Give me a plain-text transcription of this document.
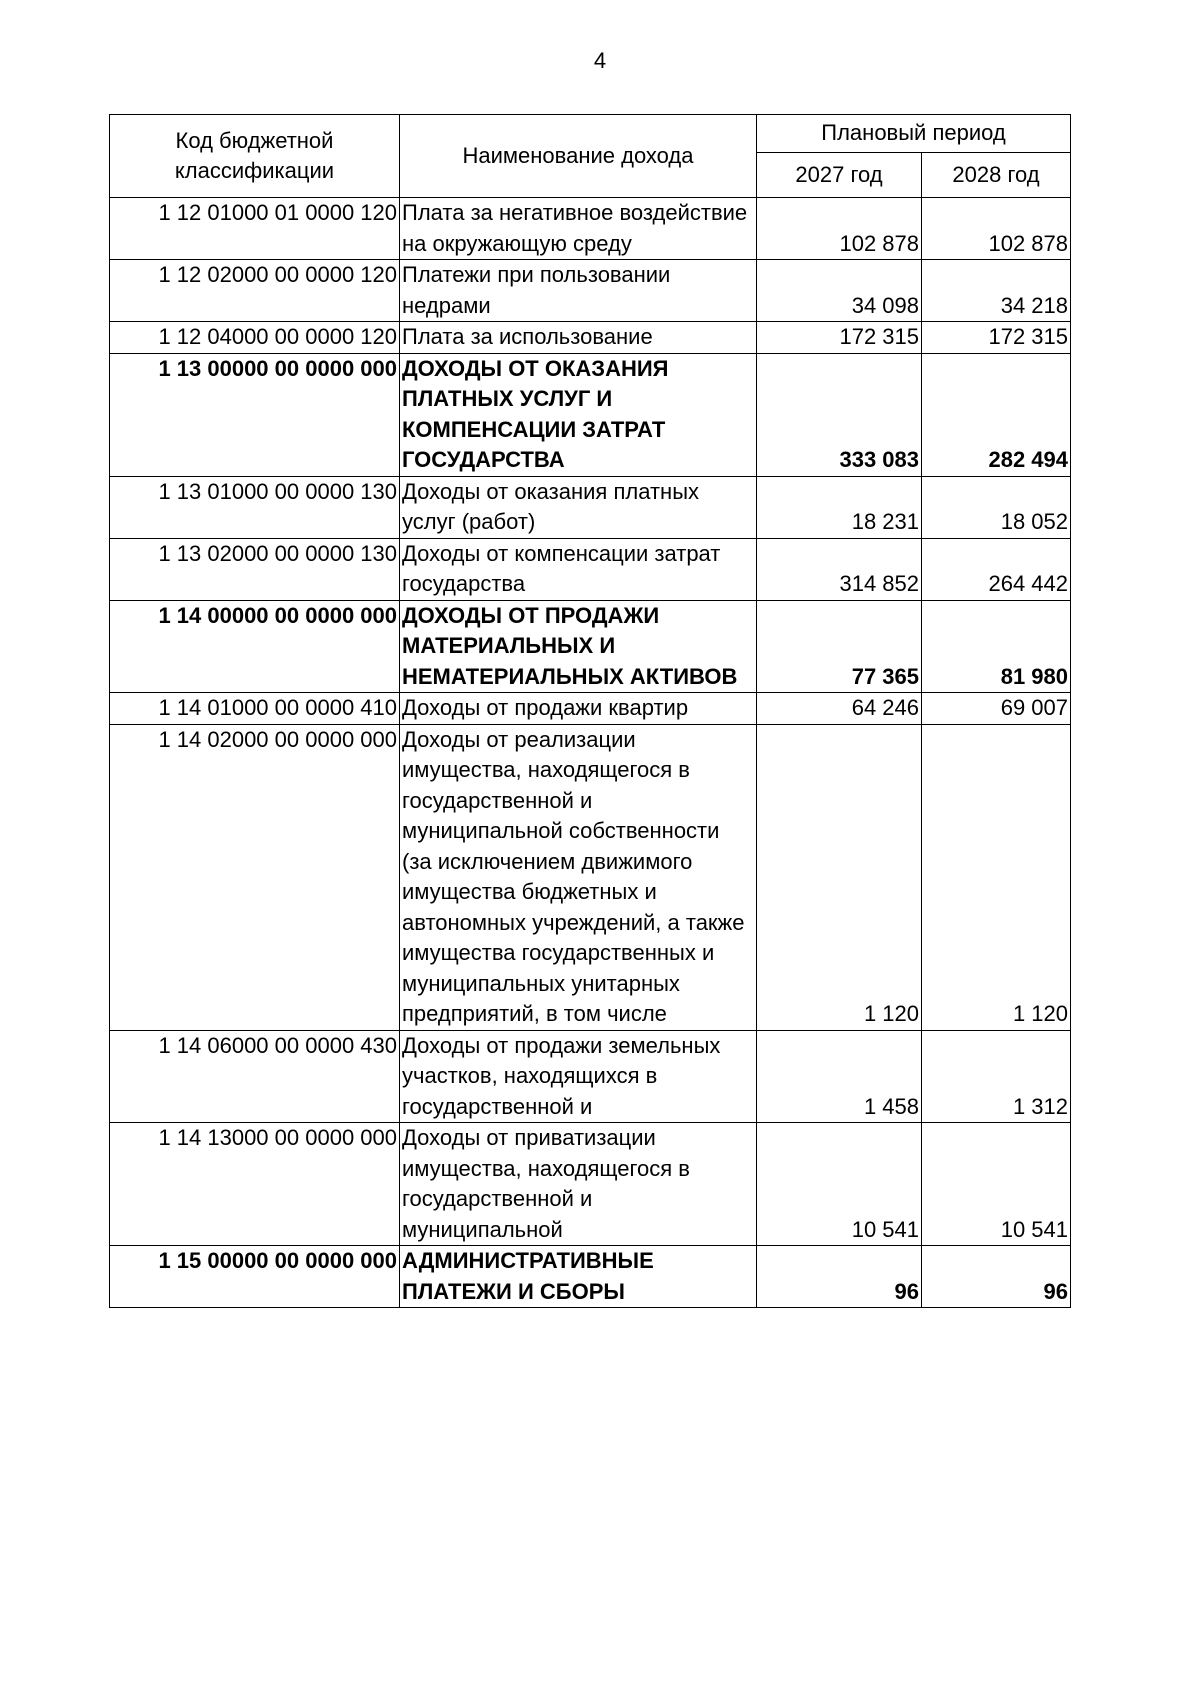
4
Код бюджетной классификации	Наименование дохода	Плановый период	
		2027 год	2028 год
1 12 01000 01 0000 120	Плата за негативное воздействие на окружающую среду	102 878	102 878
1 12 02000 00 0000 120	Платежи при пользовании недрами	34 098	34 218
1 12 04000 00 0000 120	Плата за использование	172 315	172 315
1 13 00000 00 0000 000	ДОХОДЫ ОТ ОКАЗАНИЯ ПЛАТНЫХ УСЛУГ И КОМПЕНСАЦИИ ЗАТРАТ ГОСУДАРСТВА	333 083	282 494
1 13 01000 00 0000 130	Доходы от оказания платных услуг (работ)	18 231	18 052
1 13 02000 00 0000 130	Доходы от компенсации затрат государства	314 852	264 442
1 14 00000 00 0000 000	ДОХОДЫ ОТ ПРОДАЖИ МАТЕРИАЛЬНЫХ И НЕМАТЕРИАЛЬНЫХ АКТИВОВ	77 365	81 980
1 14 01000 00 0000 410	Доходы от продажи квартир	64 246	69 007
1 14 02000 00 0000 000	Доходы от реализации имущества, находящегося в государственной и муниципальной собственности (за исключением движимого имущества бюджетных и автономных учреждений, а также имущества государственных и муниципальных унитарных предприятий, в том числе	1 120	1 120
1 14 06000 00 0000 430	Доходы от продажи земельных участков, находящихся в государственной и	1 458	1 312
1 14 13000 00 0000 000	Доходы от приватизации имущества, находящегося в государственной и муниципальной	10 541	10 541
1 15 00000 00 0000 000	АДМИНИСТРАТИВНЫЕ ПЛАТЕЖИ И СБОРЫ	96	96
